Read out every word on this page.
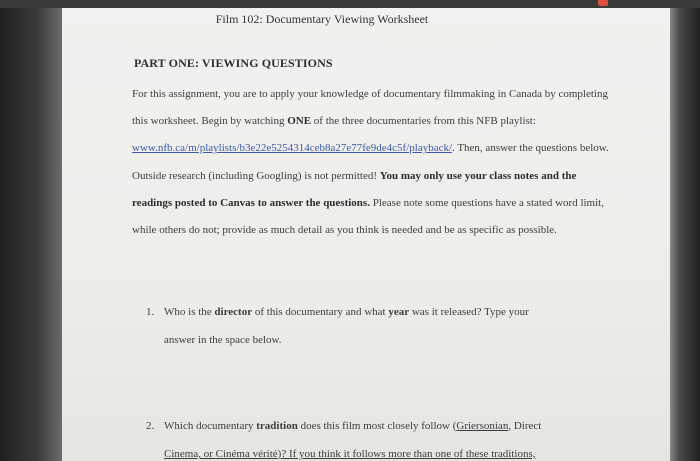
Film 102: Documentary Viewing Worksheet
PART ONE: VIEWING QUESTIONS
For this assignment, you are to apply your knowledge of documentary filmmaking in Canada by completing this worksheet. Begin by watching ONE of the three documentaries from this NFB playlist: www.nfb.ca/m/playlists/b3e22e5254314ceb8a27e77fe9de4c5f/playback/. Then, answer the questions below. Outside research (including Googling) is not permitted! You may only use your class notes and the readings posted to Canvas to answer the questions. Please note some questions have a stated word limit, while others do not; provide as much detail as you think is needed and be as specific as possible.
1. Who is the director of this documentary and what year was it released? Type your
answer in the space below.
2. Which documentary tradition does this film most closely follow (Griersonian, Direct
Cinema, or Cinéma vérité)? If you think it follows more than one of these traditions,
